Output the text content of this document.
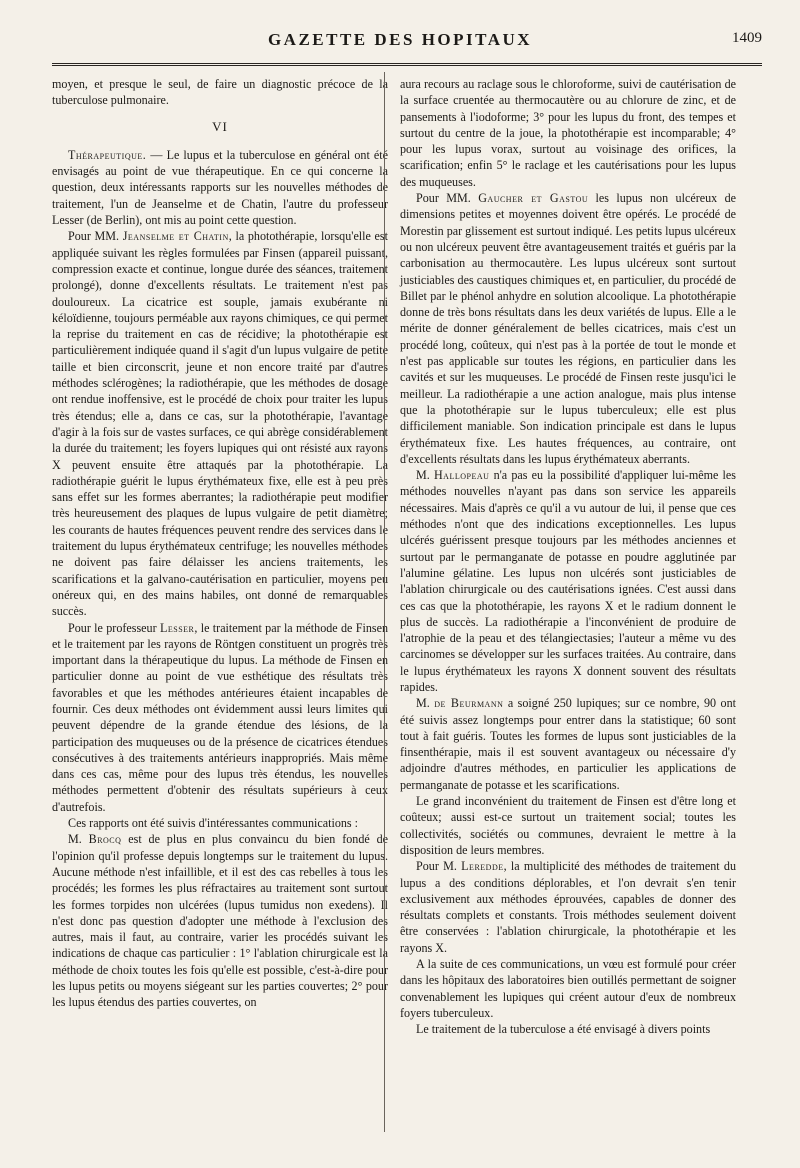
GAZETTE DES HOPITAUX	1409

moyen, et presque le seul, de faire un diagnostic précoce de la tuberculose pulmonaire.

VI

Thérapeutique. — Le lupus et la tuberculose en général ont été envisagés au point de vue thérapeutique. En ce qui concerne la question, deux intéressants rapports sur les nouvelles méthodes de traitement, l'un de Jeanselme et de Chatin, l'autre du professeur Lesser (de Berlin), ont mis au point cette question.

Pour MM. Jeanselme et Chatin, la photothérapie, lorsqu'elle est appliquée suivant les règles formulées par Finsen (appareil puissant, compression exacte et continue, longue durée des séances, traitement prolongé), donne d'excellents résultats. Le traitement n'est pas douloureux. La cicatrice est souple, jamais exubérante ni kéloïdienne, toujours perméable aux rayons chimiques, ce qui permet la reprise du traitement en cas de récidive; la photothérapie est particulièrement indiquée quand il s'agit d'un lupus vulgaire de petite taille et bien circonscrit, jeune et non encore traité par d'autres méthodes sclérogènes; la radiothérapie, que les méthodes de dosage ont rendue inoffensive, est le procédé de choix pour traiter les lupus très étendus; elle a, dans ce cas, sur la photothérapie, l'avantage d'agir à la fois sur de vastes surfaces, ce qui abrège considérablement la durée du traitement; les foyers lupiques qui ont résisté aux rayons X peuvent ensuite être attaqués par la photothérapie. La radiothérapie guérit le lupus érythémateux fixe, elle est à peu près sans effet sur les formes aberrantes; la radiothérapie peut modifier très heureusement des plaques de lupus vulgaire de petit diamètre; les courants de hautes fréquences peuvent rendre des services dans le traitement du lupus érythémateux centrifuge; les nouvelles méthodes ne doivent pas faire délaisser les anciens traitements, les scarifications et la galvano-cautérisation en particulier, moyens peu onéreux qui, en des mains habiles, ont donné de remarquables succès.

Pour le professeur Lesser, le traitement par la méthode de Finsen et le traitement par les rayons de Röntgen constituent un progrès très important dans la thérapeutique du lupus. La méthode de Finsen en particulier donne au point de vue esthétique des résultats très favorables et que les méthodes antérieures étaient incapables de fournir. Ces deux méthodes ont évidemment aussi leurs limites qui peuvent dépendre de la grande étendue des lésions, de la participation des muqueuses ou de la présence de cicatrices étendues consécutives à des traitements antérieurs inappropriés. Mais même dans ces cas, même pour des lupus très étendus, les nouvelles méthodes permettent d'obtenir des résultats supérieurs à ceux d'autrefois.

Ces rapports ont été suivis d'intéressantes communications :

M. Brocq est de plus en plus convaincu du bien fondé de l'opinion qu'il professe depuis longtemps sur le traitement du lupus. Aucune méthode n'est infaillible, et il est des cas rebelles à tous les procédés; les formes les plus réfractaires au traitement sont surtout les formes torpides non ulcérées (lupus tumidus non exedens). Il n'est donc pas question d'adopter une méthode à l'exclusion des autres, mais il faut, au contraire, varier les procédés suivant les indications de chaque cas particulier : 1° l'ablation chirurgicale est la méthode de choix toutes les fois qu'elle est possible, c'est-à-dire pour les lupus petits ou moyens siégeant sur les parties couvertes; 2° pour les lupus étendus des parties couvertes, on

aura recours au raclage sous le chloroforme, suivi de cautérisation de la surface cruentée au thermocautère ou au chlorure de zinc, et de pansements à l'iodoforme; 3° pour les lupus du front, des tempes et surtout du centre de la joue, la photothérapie est incomparable; 4° pour les lupus vorax, surtout au voisinage des orifices, la scarification; enfin 5° le raclage et les cautérisations pour les lupus des muqueuses.

Pour MM. Gaucher et Gastou les lupus non ulcéreux de dimensions petites et moyennes doivent être opérés. Le procédé de Morestin par glissement est surtout indiqué. Les petits lupus ulcéreux ou non ulcéreux peuvent être avantageusement traités et guéris par la carbonisation au thermocautère. Les lupus ulcéreux sont surtout justiciables des caustiques chimiques et, en particulier, du procédé de Billet par le phénol anhydre en solution alcoolique. La photothérapie donne de très bons résultats dans les deux variétés de lupus. Elle a le mérite de donner généralement de belles cicatrices, mais c'est un procédé long, coûteux, qui n'est pas à la portée de tout le monde et n'est pas applicable sur toutes les régions, en particulier dans les cavités et sur les muqueuses. Le procédé de Finsen reste jusqu'ici le meilleur. La radiothérapie a une action analogue, mais plus intense que la photothérapie sur le lupus tuberculeux; elle est plus difficilement maniable. Son indication principale est dans le lupus érythémateux fixe. Les hautes fréquences, au contraire, ont d'excellents résultats dans les lupus érythémateux aberrants.

M. Hallopeau n'a pas eu la possibilité d'appliquer lui-même les méthodes nouvelles n'ayant pas dans son service les appareils nécessaires. Mais d'après ce qu'il a vu autour de lui, il pense que ces méthodes n'ont que des indications exceptionnelles. Les lupus ulcérés guérissent presque toujours par les méthodes anciennes et surtout par le permanganate de potasse en poudre agglutinée par l'alumine gélatine. Les lupus non ulcérés sont justiciables de l'ablation chirurgicale ou des cautérisations ignées. C'est aussi dans ces cas que la photothérapie, les rayons X et le radium donnent le plus de succès. La radiothérapie a l'inconvénient de produire de l'atrophie de la peau et des télangiectasies; l'auteur a même vu des carcinomes se développer sur les surfaces traitées. Au contraire, dans le lupus érythémateux les rayons X donnent souvent des résultats rapides.

M. de Beurmann a soigné 250 lupiques; sur ce nombre, 90 ont été suivis assez longtemps pour entrer dans la statistique; 60 sont tout à fait guéris. Toutes les formes de lupus sont justiciables de la finsenthérapie, mais il est souvent avantageux ou nécessaire d'y adjoindre d'autres méthodes, en particulier les applications de permanganate de potasse et les scarifications.

Le grand inconvénient du traitement de Finsen est d'être long et coûteux; aussi est-ce surtout un traitement social; toutes les collectivités, sociétés ou communes, devraient le mettre à la disposition de leurs membres.

Pour M. Leredde, la multiplicité des méthodes de traitement du lupus a des conditions déplorables, et l'on devrait s'en tenir exclusivement aux méthodes éprouvées, capables de donner des résultats complets et constants. Trois méthodes seulement doivent être conservées : l'ablation chirurgicale, la photothérapie et les rayons X.

A la suite de ces communications, un vœu est formulé pour créer dans les hôpitaux des laboratoires bien outillés permettant de soigner convenablement les lupiques qui créent autour d'eux de nombreux foyers tuberculeux.

Le traitement de la tuberculose a été envisagé à divers points
